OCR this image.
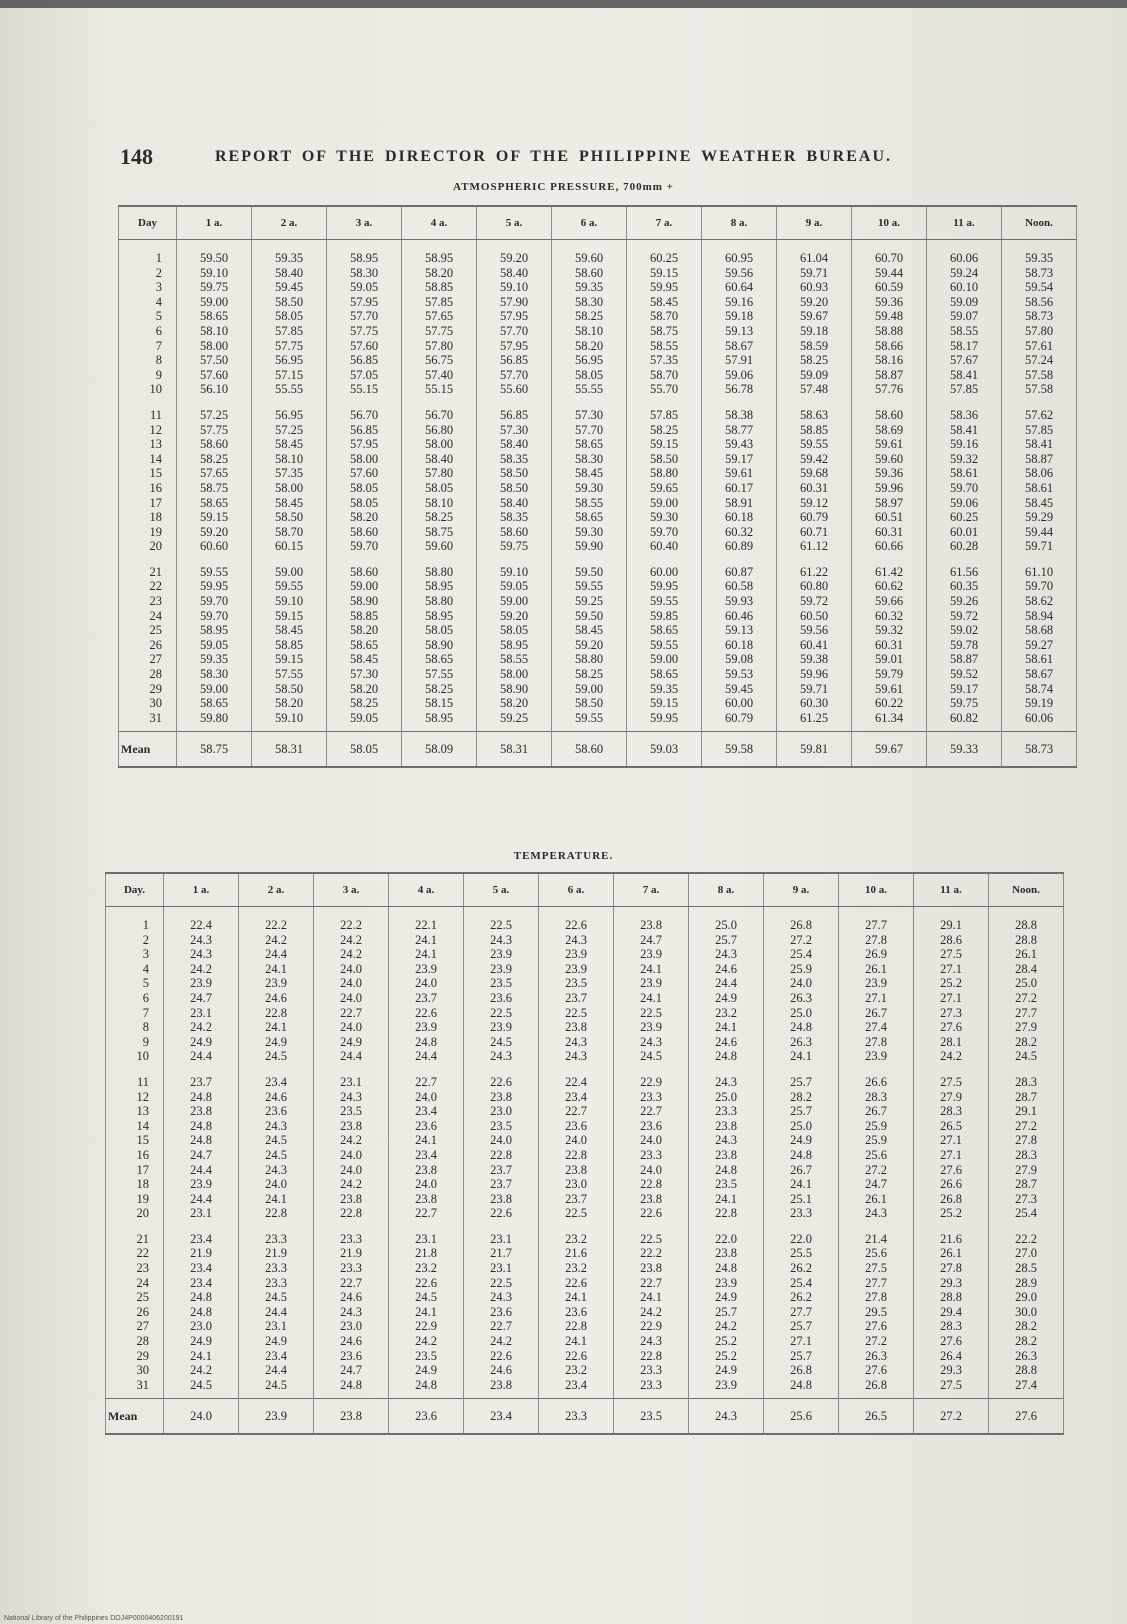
148	REPORT OF THE DIRECTOR OF THE PHILIPPINE WEATHER BUREAU.
ATMOSPHERIC PRESSURE, 700mm +
Day	1 a.	2 a.	3 a.	4 a.	5 a.	6 a.	7 a.	8 a.	9 a.	10 a.	11 a.	Noon.
1	59.50	59.35	58.95	58.95	59.20	59.60	60.25	60.95	61.04	60.70	60.06	59.35
2	59.10	58.40	58.30	58.20	58.40	58.60	59.15	59.56	59.71	59.44	59.24	58.73
3	59.75	59.45	59.05	58.85	59.10	59.35	59.95	60.64	60.93	60.59	60.10	59.54
4	59.00	58.50	57.95	57.85	57.90	58.30	58.45	59.16	59.20	59.36	59.09	58.56
5	58.65	58.05	57.70	57.65	57.95	58.25	58.70	59.18	59.67	59.48	59.07	58.73
6	58.10	57.85	57.75	57.75	57.70	58.10	58.75	59.13	59.18	58.88	58.55	57.80
7	58.00	57.75	57.60	57.80	57.95	58.20	58.55	58.67	58.59	58.66	58.17	57.61
8	57.50	56.95	56.85	56.75	56.85	56.95	57.35	57.91	58.25	58.16	57.67	57.24
9	57.60	57.15	57.05	57.40	57.70	58.05	58.70	59.06	59.09	58.87	58.41	57.58
10	56.10	55.55	55.15	55.15	55.60	55.55	55.70	56.78	57.48	57.76	57.85	57.58
11	57.25	56.95	56.70	56.70	56.85	57.30	57.85	58.38	58.63	58.60	58.36	57.62
12	57.75	57.25	56.85	56.80	57.30	57.70	58.25	58.77	58.85	58.69	58.41	57.85
13	58.60	58.45	57.95	58.00	58.40	58.65	59.15	59.43	59.55	59.61	59.16	58.41
14	58.25	58.10	58.00	58.40	58.35	58.30	58.50	59.17	59.42	59.60	59.32	58.87
15	57.65	57.35	57.60	57.80	58.50	58.45	58.80	59.61	59.68	59.36	58.61	58.06
16	58.75	58.00	58.05	58.05	58.50	59.30	59.65	60.17	60.31	59.96	59.70	58.61
17	58.65	58.45	58.05	58.10	58.40	58.55	59.00	58.91	59.12	58.97	59.06	58.45
18	59.15	58.50	58.20	58.25	58.35	58.65	59.30	60.18	60.79	60.51	60.25	59.29
19	59.20	58.70	58.60	58.75	58.60	59.30	59.70	60.32	60.71	60.31	60.01	59.44
20	60.60	60.15	59.70	59.60	59.75	59.90	60.40	60.89	61.12	60.66	60.28	59.71
21	59.55	59.00	58.60	58.80	59.10	59.50	60.00	60.87	61.22	61.42	61.56	61.10
22	59.95	59.55	59.00	58.95	59.05	59.55	59.95	60.58	60.80	60.62	60.35	59.70
23	59.70	59.10	58.90	58.80	59.00	59.25	59.55	59.93	59.72	59.66	59.26	58.62
24	59.70	59.15	58.85	58.95	59.20	59.50	59.85	60.46	60.50	60.32	59.72	58.94
25	58.95	58.45	58.20	58.05	58.05	58.45	58.65	59.13	59.56	59.32	59.02	58.68
26	59.05	58.85	58.65	58.90	58.95	59.20	59.55	60.18	60.41	60.31	59.78	59.27
27	59.35	59.15	58.45	58.65	58.55	58.80	59.00	59.08	59.38	59.01	58.87	58.61
28	58.30	57.55	57.30	57.55	58.00	58.25	58.65	59.53	59.96	59.79	59.52	58.67
29	59.00	58.50	58.20	58.25	58.90	59.00	59.35	59.45	59.71	59.61	59.17	58.74
30	58.65	58.20	58.25	58.15	58.20	58.50	59.15	60.00	60.30	60.22	59.75	59.19
31	59.80	59.10	59.05	58.95	59.25	59.55	59.95	60.79	61.25	61.34	60.82	60.06
Mean	58.75	58.31	58.05	58.09	58.31	58.60	59.03	59.58	59.81	59.67	59.33	58.73
TEMPERATURE.
Day.	1 a.	2 a.	3 a.	4 a.	5 a.	6 a.	7 a.	8 a.	9 a.	10 a.	11 a.	Noon.
1	22.4	22.2	22.2	22.1	22.5	22.6	23.8	25.0	26.8	27.7	29.1	28.8
2	24.3	24.2	24.2	24.1	24.3	24.3	24.7	25.7	27.2	27.8	28.6	28.8
3	24.3	24.4	24.2	24.1	23.9	23.9	23.9	24.3	25.4	26.9	27.5	26.1
4	24.2	24.1	24.0	23.9	23.9	23.9	24.1	24.6	25.9	26.1	27.1	28.4
5	23.9	23.9	24.0	24.0	23.5	23.5	23.9	24.4	24.0	23.9	25.2	25.0
6	24.7	24.6	24.0	23.7	23.6	23.7	24.1	24.9	26.3	27.1	27.1	27.2
7	23.1	22.8	22.7	22.6	22.5	22.5	22.5	23.2	25.0	26.7	27.3	27.7
8	24.2	24.1	24.0	23.9	23.9	23.8	23.9	24.1	24.8	27.4	27.6	27.9
9	24.9	24.9	24.9	24.8	24.5	24.3	24.3	24.6	26.3	27.8	28.1	28.2
10	24.4	24.5	24.4	24.4	24.3	24.3	24.5	24.8	24.1	23.9	24.2	24.5
11	23.7	23.4	23.1	22.7	22.6	22.4	22.9	24.3	25.7	26.6	27.5	28.3
12	24.8	24.6	24.3	24.0	23.8	23.4	23.3	25.0	28.2	28.3	27.9	28.7
13	23.8	23.6	23.5	23.4	23.0	22.7	22.7	23.3	25.7	26.7	28.3	29.1
14	24.8	24.3	23.8	23.6	23.5	23.6	23.6	23.8	25.0	25.9	26.5	27.2
15	24.8	24.5	24.2	24.1	24.0	24.0	24.0	24.3	24.9	25.9	27.1	27.8
16	24.7	24.5	24.0	23.4	22.8	22.8	23.3	23.8	24.8	25.6	27.1	28.3
17	24.4	24.3	24.0	23.8	23.7	23.8	24.0	24.8	26.7	27.2	27.6	27.9
18	23.9	24.0	24.2	24.0	23.7	23.0	22.8	23.5	24.1	24.7	26.6	28.7
19	24.4	24.1	23.8	23.8	23.8	23.7	23.8	24.1	25.1	26.1	26.8	27.3
20	23.1	22.8	22.8	22.7	22.6	22.5	22.6	22.8	23.3	24.3	25.2	25.4
21	23.4	23.3	23.3	23.1	23.1	23.2	22.5	22.0	22.0	21.4	21.6	22.2
22	21.9	21.9	21.9	21.8	21.7	21.6	22.2	23.8	25.5	25.6	26.1	27.0
23	23.4	23.3	23.3	23.2	23.1	23.2	23.8	24.8	26.2	27.5	27.8	28.5
24	23.4	23.3	22.7	22.6	22.5	22.6	22.7	23.9	25.4	27.7	29.3	28.9
25	24.8	24.5	24.6	24.5	24.3	24.1	24.1	24.9	26.2	27.8	28.8	29.0
26	24.8	24.4	24.3	24.1	23.6	23.6	24.2	25.7	27.7	29.5	29.4	30.0
27	23.0	23.1	23.0	22.9	22.7	22.8	22.9	24.2	25.7	27.6	28.3	28.2
28	24.9	24.9	24.6	24.2	24.2	24.1	24.3	25.2	27.1	27.2	27.6	28.2
29	24.1	23.4	23.6	23.5	22.6	22.6	22.8	25.2	25.7	26.3	26.4	26.3
30	24.2	24.4	24.7	24.9	24.6	23.2	23.3	24.9	26.8	27.6	29.3	28.8
31	24.5	24.5	24.8	24.8	23.8	23.4	23.3	23.9	24.8	26.8	27.5	27.4
Mean	24.0	23.9	23.8	23.6	23.4	23.3	23.5	24.3	25.6	26.5	27.2	27.6
National Library of the Philippines DOJ4P0000406200191
